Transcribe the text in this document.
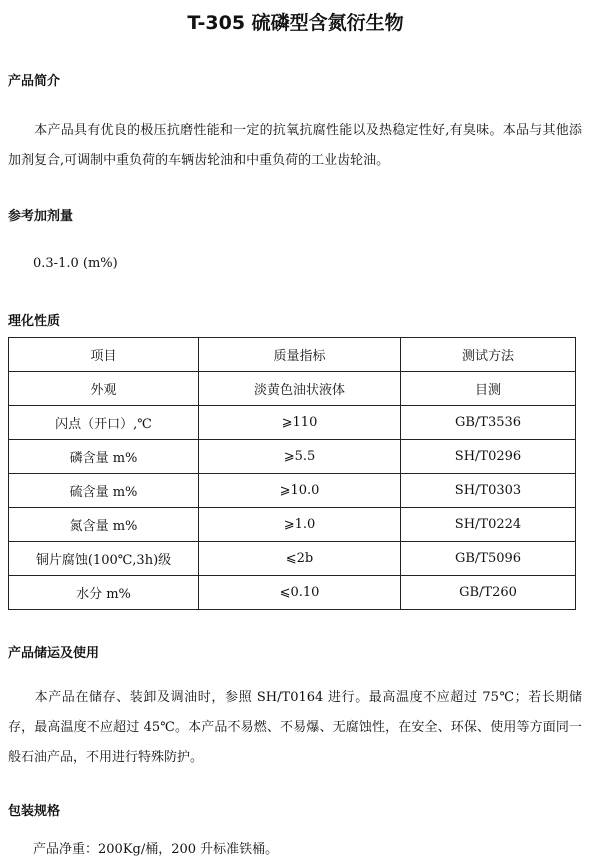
T-305 硫磷型含氮衍生物
产品简介
本产品具有优良的极压抗磨性能和一定的抗氧抗腐性能以及热稳定性好,有臭味。本品与其他添加剂复合,可调制中重负荷的车辆齿轮油和中重负荷的工业齿轮油。
参考加剂量
0.3-1.0 (m%)
理化性质
项目	质量指标	测试方法
外观	淡黄色油状液体	目测
闪点（开口）,℃	⩾110	GB/T3536
磷含量 m%	⩾5.5	SH/T0296
硫含量 m%	⩾10.0	SH/T0303
氮含量 m%	⩾1.0	SH/T0224
铜片腐蚀(100℃,3h)级	⩽2b	GB/T5096
水分 m%	⩽0.10	GB/T260
产品储运及使用
本产品在储存、装卸及调油时，参照 SH/T0164 进行。最高温度不应超过 75℃；若长期储存，最高温度不应超过 45℃。本产品不易燃、不易爆、无腐蚀性，在安全、环保、使用等方面同一般石油产品，不用进行特殊防护。
包装规格
产品净重：200Kg/桶，200 升标准铁桶。
